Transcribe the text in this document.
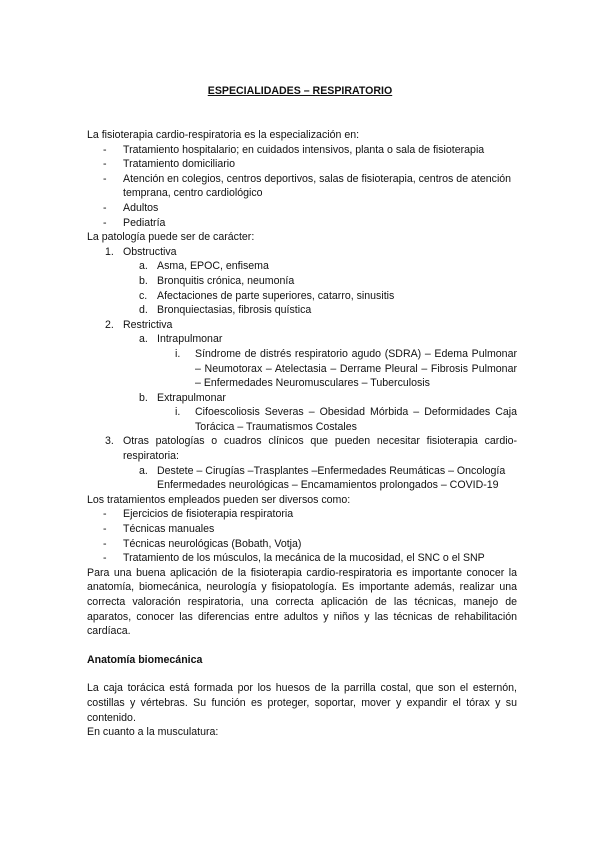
ESPECIALIDADES – RESPIRATORIO
La fisioterapia cardio-respiratoria es la especialización en:
- Tratamiento hospitalario; en cuidados intensivos, planta o sala de fisioterapia
- Tratamiento domiciliario
- Atención en colegios, centros deportivos, salas de fisioterapia, centros de atención temprana, centro cardiológico
- Adultos
- Pediatría
La patología puede ser de carácter:
1. Obstructiva
a. Asma, EPOC, enfisema
b. Bronquitis crónica, neumonía
c. Afectaciones de parte superiores, catarro, sinusitis
d. Bronquiectasias, fibrosis quística
2. Restrictiva
a. Intrapulmonar
i. Síndrome de distrés respiratorio agudo (SDRA) – Edema Pulmonar – Neumotorax – Atelectasia – Derrame Pleural – Fibrosis Pulmonar – Enfermedades Neuromusculares – Tuberculosis
b. Extrapulmonar
i. Cifoescoliosis Severas – Obesidad Mórbida – Deformidades Caja Torácica – Traumatismos Costales
3. Otras patologías o cuadros clínicos que pueden necesitar fisioterapia cardio-respiratoria:
a. Destete – Cirugías –Trasplantes –Enfermedades Reumáticas – Oncología Enfermedades neurológicas – Encamamientos prolongados – COVID-19
Los tratamientos empleados pueden ser diversos como:
- Ejercicios de fisioterapia respiratoria
- Técnicas manuales
- Técnicas neurológicas (Bobath, Votja)
- Tratamiento de los músculos, la mecánica de la mucosidad, el SNC o el SNP
Para una buena aplicación de la fisioterapia cardio-respiratoria es importante conocer la anatomía, biomecánica, neurología y fisiopatología. Es importante además, realizar una correcta valoración respiratoria, una correcta aplicación de las técnicas, manejo de aparatos, conocer las diferencias entre adultos y niños y las técnicas de rehabilitación cardíaca.
Anatomía biomecánica
La caja torácica está formada por los huesos de la parrilla costal, que son el esternón, costillas y vértebras. Su función es proteger, soportar, mover y expandir el tórax y su contenido.
En cuanto a la musculatura:
